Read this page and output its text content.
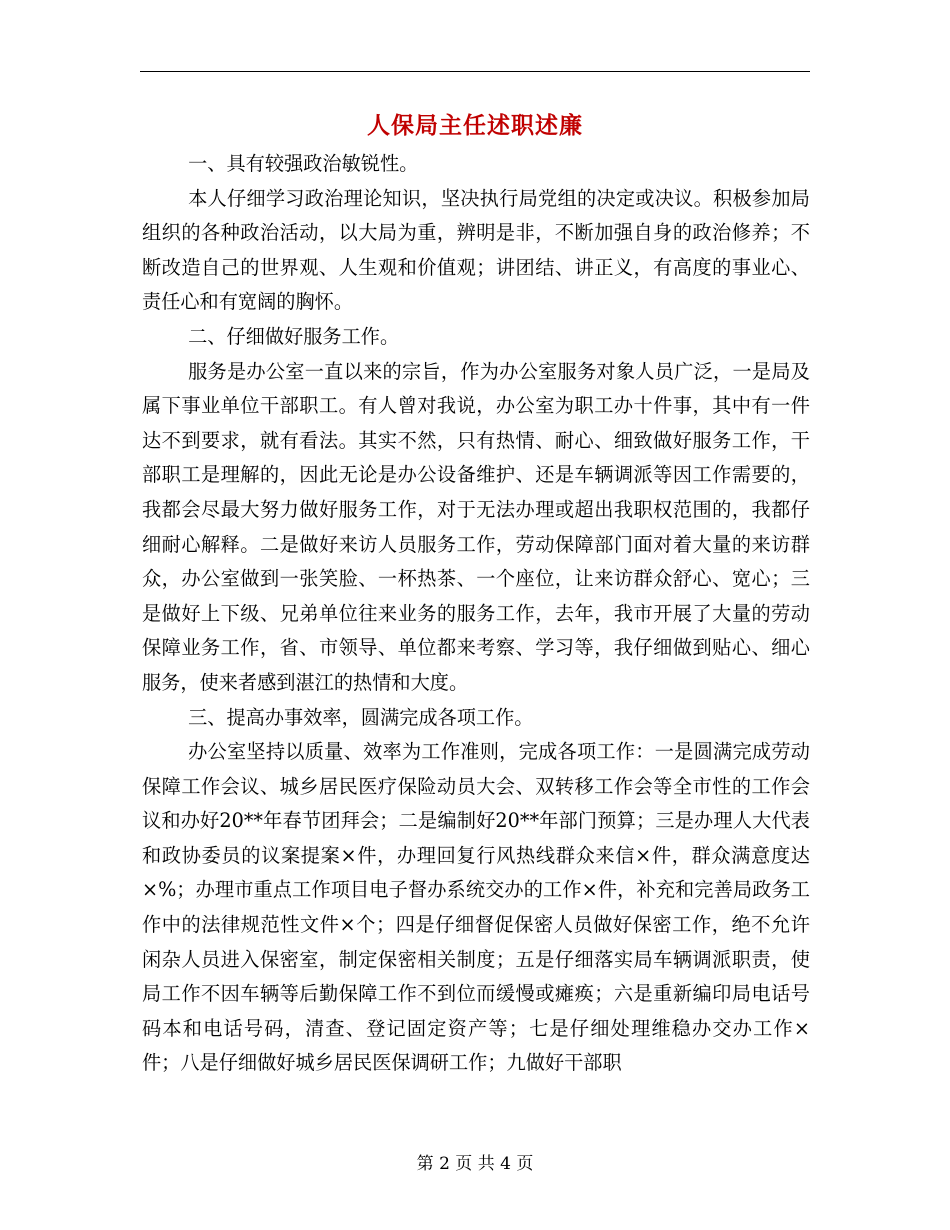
人保局主任述职述廉

一、具有较强政治敏锐性。

本人仔细学习政治理论知识，坚决执行局党组的决定或决议。积极参加局组织的各种政治活动，以大局为重，辨明是非，不断加强自身的政治修养；不断改造自己的世界观、人生观和价值观；讲团结、讲正义，有高度的事业心、责任心和有宽阔的胸怀。

二、仔细做好服务工作。

服务是办公室一直以来的宗旨，作为办公室服务对象人员广泛，一是局及属下事业单位干部职工。有人曾对我说，办公室为职工办十件事，其中有一件达不到要求，就有看法。其实不然，只有热情、耐心、细致做好服务工作，干部职工是理解的，因此无论是办公设备维护、还是车辆调派等因工作需要的，我都会尽最大努力做好服务工作，对于无法办理或超出我职权范围的，我都仔细耐心解释。二是做好来访人员服务工作，劳动保障部门面对着大量的来访群众，办公室做到一张笑脸、一杯热茶、一个座位，让来访群众舒心、宽心；三是做好上下级、兄弟单位往来业务的服务工作，去年，我市开展了大量的劳动保障业务工作，省、市领导、单位都来考察、学习等，我仔细做到贴心、细心服务，使来者感到湛江的热情和大度。

三、提高办事效率，圆满完成各项工作。

办公室坚持以质量、效率为工作准则，完成各项工作：一是圆满完成劳动保障工作会议、城乡居民医疗保险动员大会、双转移工作会等全市性的工作会议和办好20**年春节团拜会；二是编制好20**年部门预算；三是办理人大代表和政协委员的议案提案×件，办理回复行风热线群众来信×件，群众满意度达×%；办理市重点工作项目电子督办系统交办的工作×件，补充和完善局政务工作中的法律规范性文件×个；四是仔细督促保密人员做好保密工作，绝不允许闲杂人员进入保密室，制定保密相关制度；五是仔细落实局车辆调派职责，使局工作不因车辆等后勤保障工作不到位而缓慢或瘫痪；六是重新编印局电话号码本和电话号码，清查、登记固定资产等；七是仔细处理维稳办交办工作×件；八是仔细做好城乡居民医保调研工作；九做好干部职

第 2 页 共 4 页
